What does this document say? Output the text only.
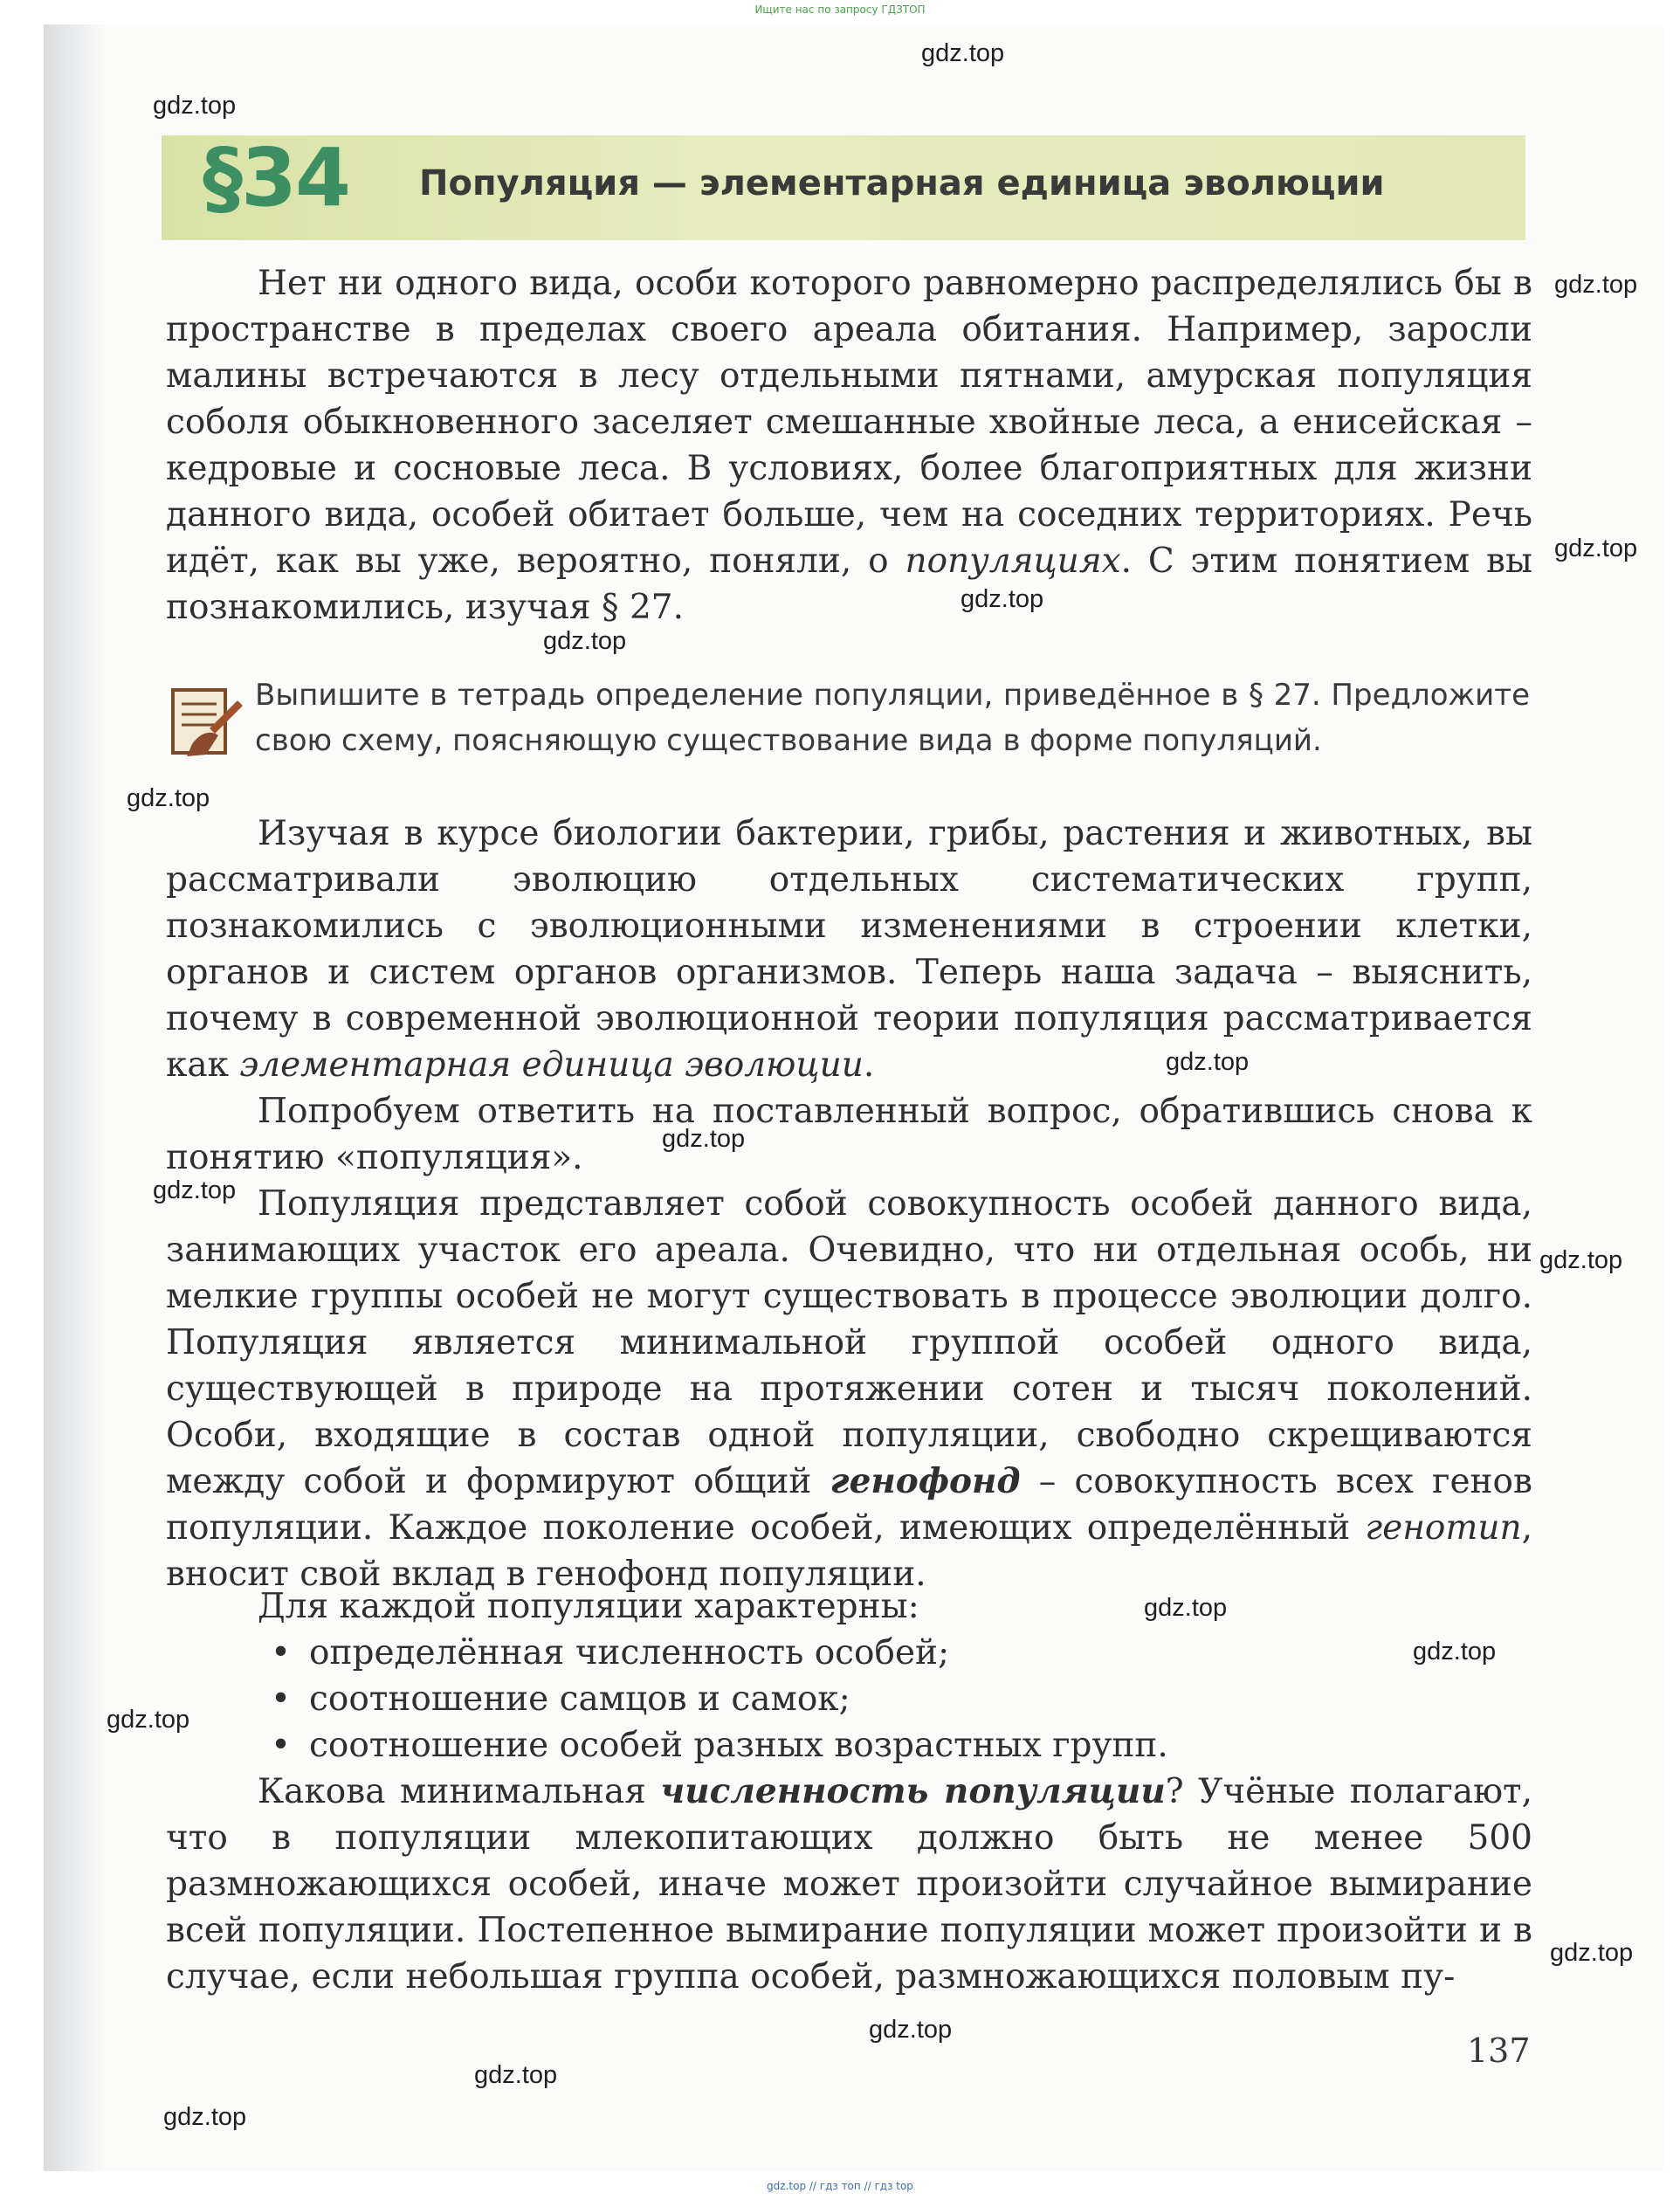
Ищите нас по запросу ГДЗТОП
gdz.top
gdz.top
gdz.top
gdz.top
gdz.top
gdz.top
gdz.top
gdz.top
gdz.top
gdz.top
gdz.top
gdz.top
gdz.top
gdz.top
gdz.top
gdz.top
gdz.top
gdz.top
§34 Популяция — элементарная единица эволюции

Нет ни одного вида, особи которого равномерно распределялись бы в пространстве в пределах своего ареала обитания. Например, заросли малины встречаются в лесу отдельными пятнами, амурская популяция соболя обыкновенного заселяет смешанные хвойные леса, а енисейская – кедровые и сосновые леса. В условиях, более благоприятных для жизни данного вида, особей обитает больше, чем на соседних территориях. Речь идёт, как вы уже, вероятно, поняли, о популяциях. С этим понятием вы познакомились, изучая § 27.

Выпишите в тетрадь определение популяции, приведённое в § 27. Предложите свою схему, поясняющую существование вида в форме популяций.

Изучая в курсе биологии бактерии, грибы, растения и животных, вы рассматривали эволюцию отдельных систематических групп, познакомились с эволюционными изменениями в строении клетки, органов и систем органов организмов. Теперь наша задача – выяснить, почему в современной эволюционной теории популяция рассматривается как элементарная единица эволюции.

Попробуем ответить на поставленный вопрос, обратившись снова к понятию «популяция».

Популяция представляет собой совокупность особей данного вида, занимающих участок его ареала. Очевидно, что ни отдельная особь, ни мелкие группы особей не могут существовать в процессе эволюции долго. Популяция является минимальной группой особей одного вида, существующей в природе на протяжении сотен и тысяч поколений. Особи, входящие в состав одной популяции, свободно скрещиваются между собой и формируют общий генофонд – совокупность всех генов популяции. Каждое поколение особей, имеющих определённый генотип, вносит свой вклад в генофонд популяции.

Для каждой популяции характерны:

• определённая численность особей;
• соотношение самцов и самок;
• соотношение особей разных возрастных групп.

Какова минимальная численность популяции? Учёные полагают, что в популяции млекопитающих должно быть не менее 500 размножающихся особей, иначе может произойти случайное вымирание всей популяции. Постепенное вымирание популяции может произойти и в случае, если небольшая группа особей, размножающихся половым пу-

137
gdz.top // гдз топ // гдз top
